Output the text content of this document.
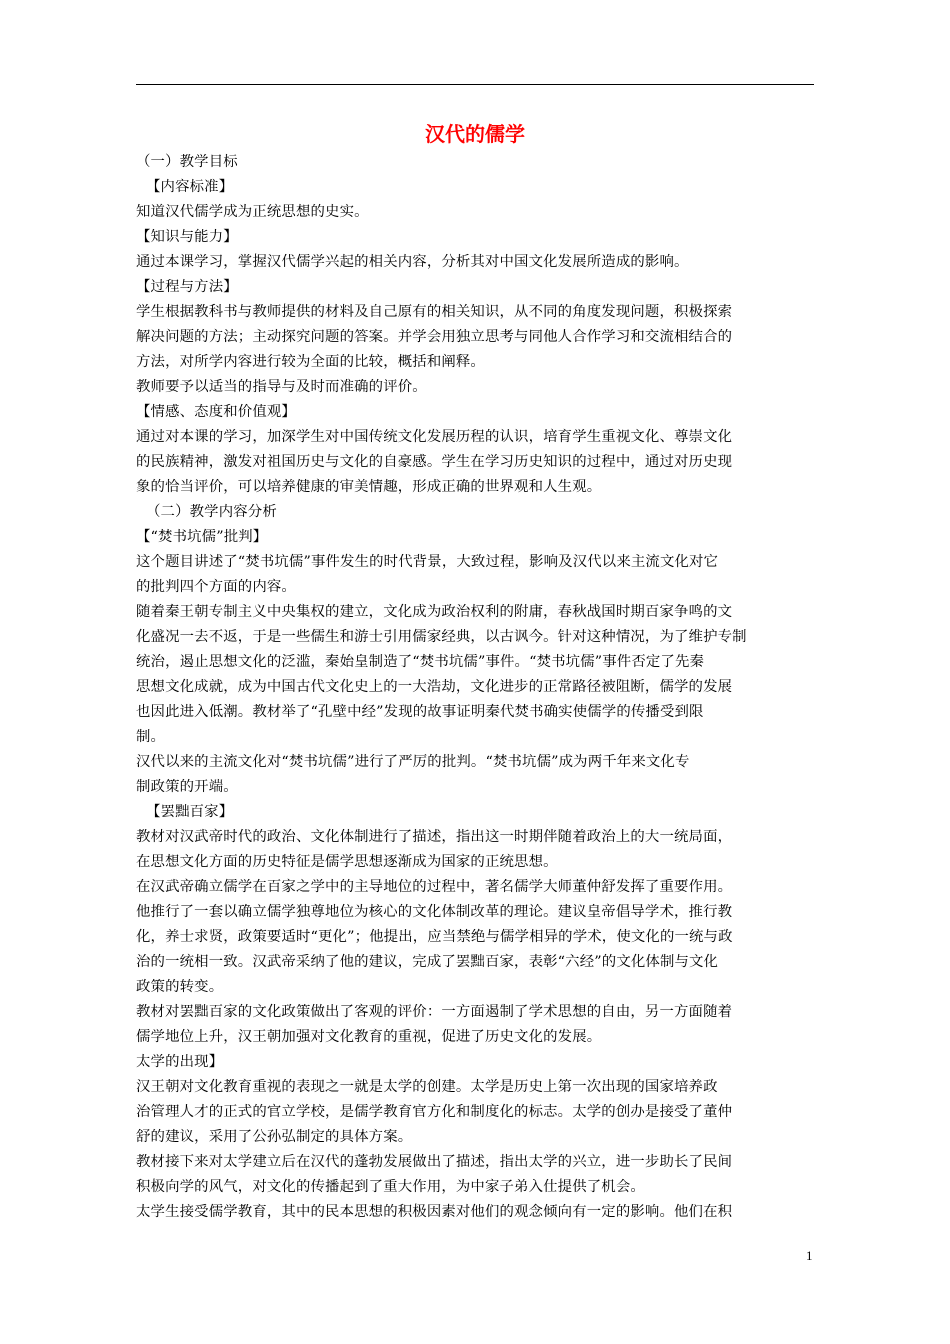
汉代的儒学
（一）教学目标
【内容标准】
知道汉代儒学成为正统思想的史实。
【知识与能力】
通过本课学习，掌握汉代儒学兴起的相关内容，分析其对中国文化发展所造成的影响。
【过程与方法】
学生根据教科书与教师提供的材料及自己原有的相关知识，从不同的角度发现问题，积极探索
解决问题的方法；主动探究问题的答案。并学会用独立思考与同他人合作学习和交流相结合的
方法，对所学内容进行较为全面的比较，概括和阐释。
教师要予以适当的指导与及时而准确的评价。
【情感、态度和价值观】
通过对本课的学习，加深学生对中国传统文化发展历程的认识，培育学生重视文化、尊崇文化
的民族精神，激发对祖国历史与文化的自豪感。学生在学习历史知识的过程中，通过对历史现
象的恰当评价，可以培养健康的审美情趣，形成正确的世界观和人生观。
（二）教学内容分析
【“焚书坑儒”批判】
这个题目讲述了“焚书坑儒”事件发生的时代背景，大致过程，影响及汉代以来主流文化对它
的批判四个方面的内容。
随着秦王朝专制主义中央集权的建立，文化成为政治权利的附庸，春秋战国时期百家争鸣的文
化盛况一去不返，于是一些儒生和游士引用儒家经典，以古讽今。针对这种情况，为了维护专制
统治，遏止思想文化的泛滥，秦始皇制造了“焚书坑儒”事件。“焚书坑儒”事件否定了先秦
思想文化成就，成为中国古代文化史上的一大浩劫，文化进步的正常路径被阻断，儒学的发展
也因此进入低潮。教材举了“孔壁中经”发现的故事证明秦代焚书确实使儒学的传播受到限
制。
汉代以来的主流文化对“焚书坑儒”进行了严厉的批判。“焚书坑儒”成为两千年来文化专
制政策的开端。
【罢黜百家】
教材对汉武帝时代的政治、文化体制进行了描述，指出这一时期伴随着政治上的大一统局面，
在思想文化方面的历史特征是儒学思想逐渐成为国家的正统思想。
在汉武帝确立儒学在百家之学中的主导地位的过程中，著名儒学大师董仲舒发挥了重要作用。
他推行了一套以确立儒学独尊地位为核心的文化体制改革的理论。建议皇帝倡导学术，推行教
化，养士求贤，政策要适时“更化”；他提出，应当禁绝与儒学相异的学术，使文化的一统与政
治的一统相一致。汉武帝采纳了他的建议，完成了罢黜百家，表彰“六经”的文化体制与文化
政策的转变。
教材对罢黜百家的文化政策做出了客观的评价：一方面遏制了学术思想的自由，另一方面随着
儒学地位上升，汉王朝加强对文化教育的重视，促进了历史文化的发展。
太学的出现】
汉王朝对文化教育重视的表现之一就是太学的创建。太学是历史上第一次出现的国家培养政
治管理人才的正式的官立学校，是儒学教育官方化和制度化的标志。太学的创办是接受了董仲
舒的建议，采用了公孙弘制定的具体方案。
教材接下来对太学建立后在汉代的蓬勃发展做出了描述，指出太学的兴立，进一步助长了民间
积极向学的风气，对文化的传播起到了重大作用，为中家子弟入仕提供了机会。
太学生接受儒学教育，其中的民本思想的积极因素对他们的观念倾向有一定的影响。他们在积
1
